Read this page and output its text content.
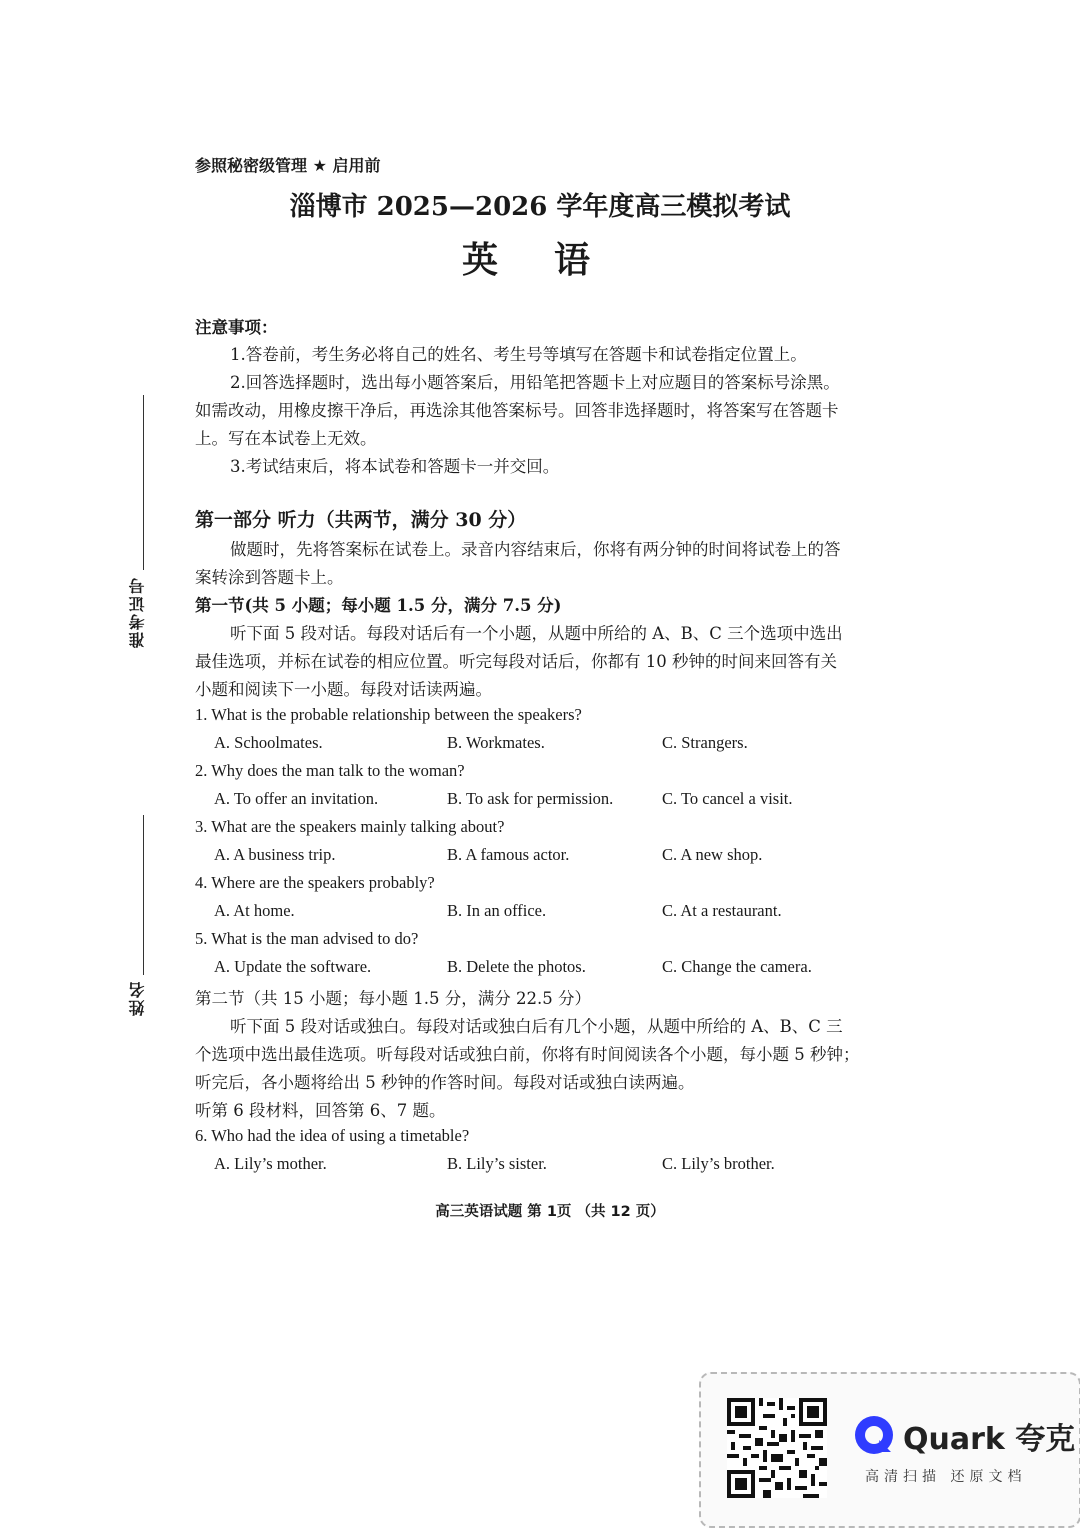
参照秘密级管理 ★ 启用前
淄博市 2025—2026 学年度高三模拟考试
英语
准考证号
姓名
注意事项：
1.答卷前，考生务必将自己的姓名、考生号等填写在答题卡和试卷指定位置上。
2.回答选择题时，选出每小题答案后，用铅笔把答题卡上对应题目的答案标号涂黑。
如需改动，用橡皮擦干净后，再选涂其他答案标号。回答非选择题时，将答案写在答题卡
上。写在本试卷上无效。
3.考试结束后，将本试卷和答题卡一并交回。
第一部分 听力（共两节，满分 30 分）
做题时，先将答案标在试卷上。录音内容结束后，你将有两分钟的时间将试卷上的答
案转涂到答题卡上。
第一节(共 5 小题；每小题 1.5 分，满分 7.5 分)
听下面 5 段对话。每段对话后有一个小题，从题中所给的 A、B、C 三个选项中选出
最佳选项，并标在试卷的相应位置。听完每段对话后，你都有 10 秒钟的时间来回答有关
小题和阅读下一小题。每段对话读两遍。
1. What is the probable relationship between the speakers?
A. Schoolmates.	B. Workmates.	C. Strangers.
2. Why does the man talk to the woman?
A. To offer an invitation.	B. To ask for permission.	C. To cancel a visit.
3. What are the speakers mainly talking about?
A. A business trip.	B. A famous actor.	C. A new shop.
4. Where are the speakers probably?
A. At home.	B. In an office.	C. At a restaurant.
5. What is the man advised to do?
A. Update the software.	B. Delete the photos.	C. Change the camera.
第二节（共 15 小题；每小题 1.5 分，满分 22.5 分）
听下面 5 段对话或独白。每段对话或独白后有几个小题，从题中所给的 A、B、C 三
个选项中选出最佳选项。听每段对话或独白前，你将有时间阅读各个小题，每小题 5 秒钟；
听完后，各小题将给出 5 秒钟的作答时间。每段对话或独白读两遍。
听第 6 段材料，回答第 6、7 题。
6. Who had the idea of using a timetable?
A. Lily’s mother.	B. Lily’s sister.	C. Lily’s brother.
高三英语试题 第 1页 （共 12 页）
Quark 夸克
高清扫描 还原文档
